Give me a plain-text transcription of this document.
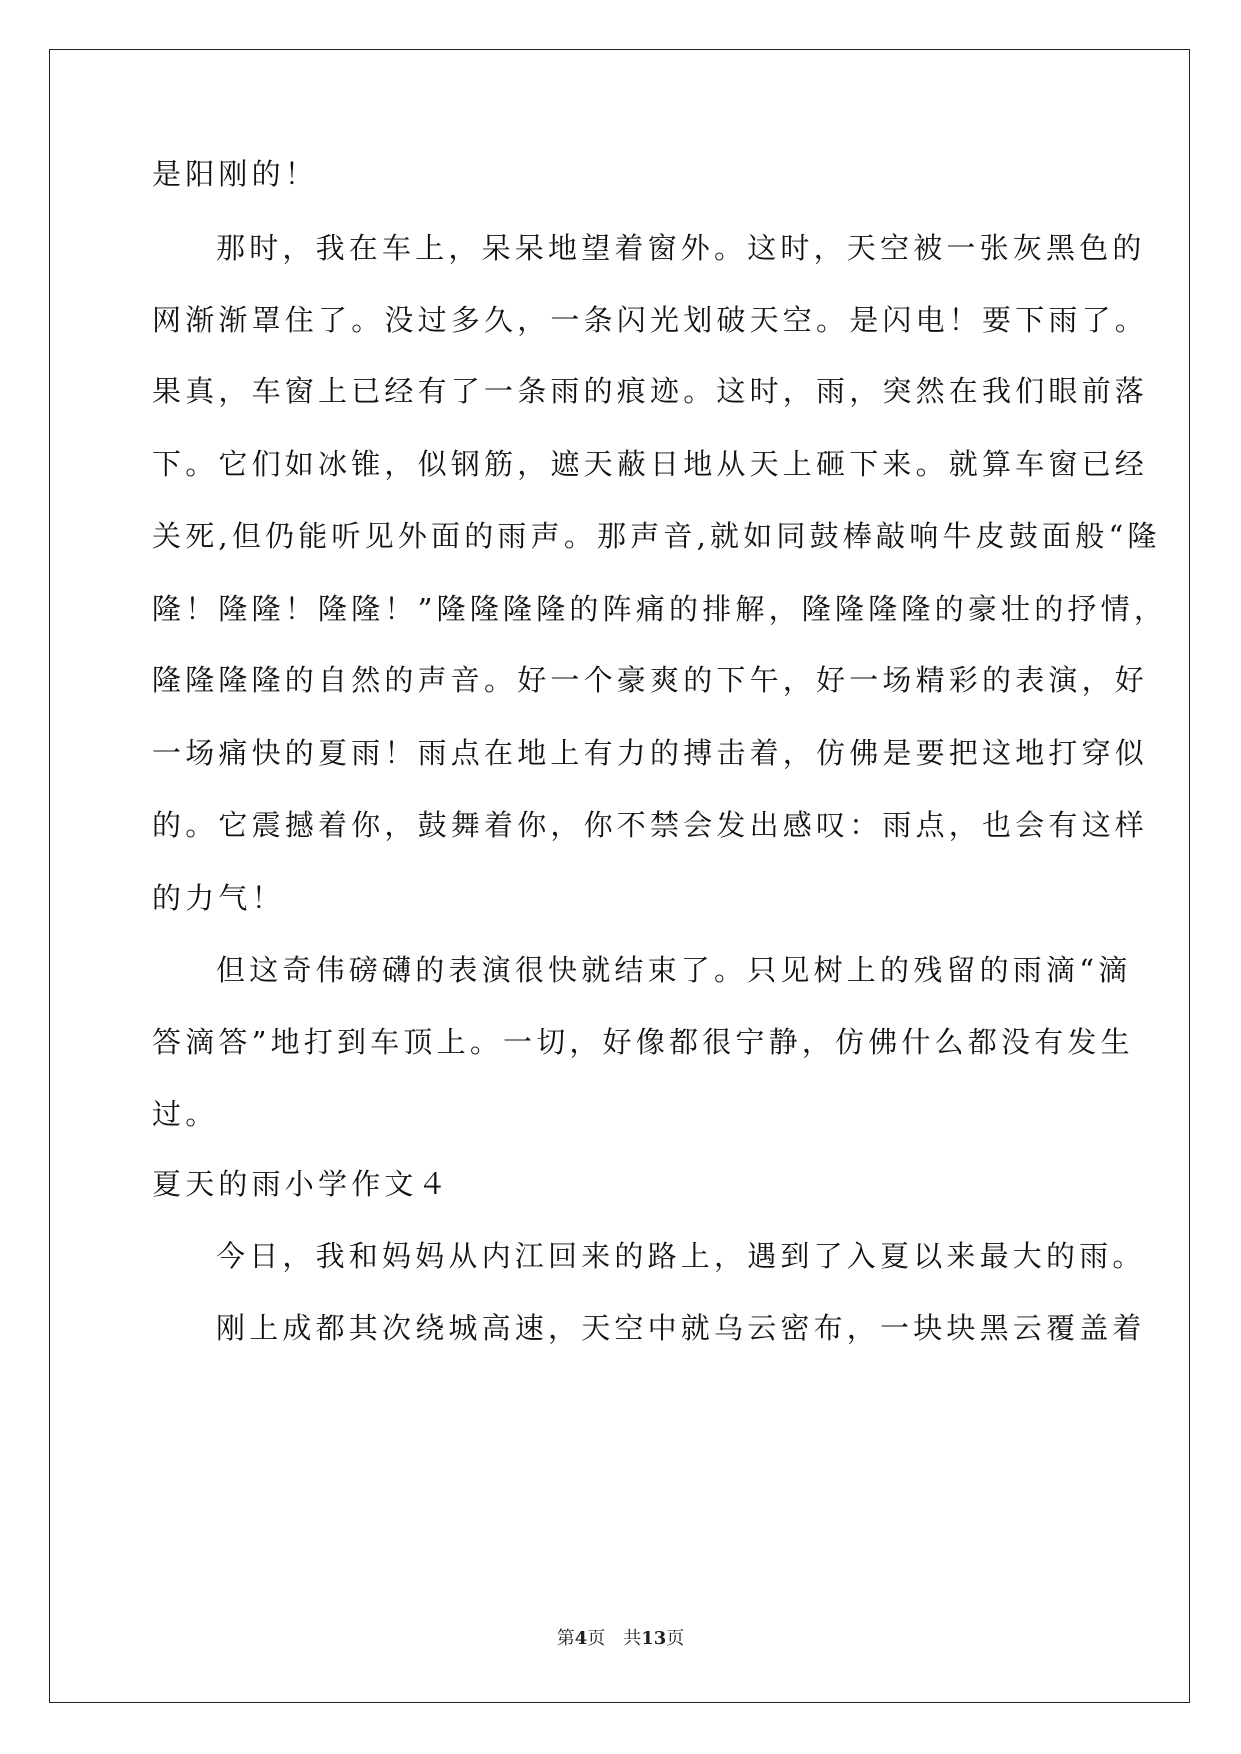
是阳刚的！
那时，我在车上，呆呆地望着窗外。这时，天空被一张灰黑色的
网渐渐罩住了。没过多久，一条闪光划破天空。是闪电！要下雨了。
果真，车窗上已经有了一条雨的痕迹。这时，雨，突然在我们眼前落
下。它们如冰锥，似钢筋，遮天蔽日地从天上砸下来。就算车窗已经
关死,但仍能听见外面的雨声。那声音,就如同鼓棒敲响牛皮鼓面般“隆
隆！隆隆！隆隆！”隆隆隆隆的阵痛的排解，隆隆隆隆的豪壮的抒情，
隆隆隆隆的自然的声音。好一个豪爽的下午，好一场精彩的表演，好
一场痛快的夏雨！雨点在地上有力的搏击着，仿佛是要把这地打穿似
的。它震撼着你，鼓舞着你，你不禁会发出感叹：雨点，也会有这样
的力气！
但这奇伟磅礴的表演很快就结束了。只见树上的残留的雨滴“滴
答滴答”地打到车顶上。一切，好像都很宁静，仿佛什么都没有发生
过。
夏天的雨小学作文４
今日，我和妈妈从内江回来的路上，遇到了入夏以来最大的雨。
刚上成都其次绕城高速，天空中就乌云密布，一块块黑云覆盖着
第4页　共13页
